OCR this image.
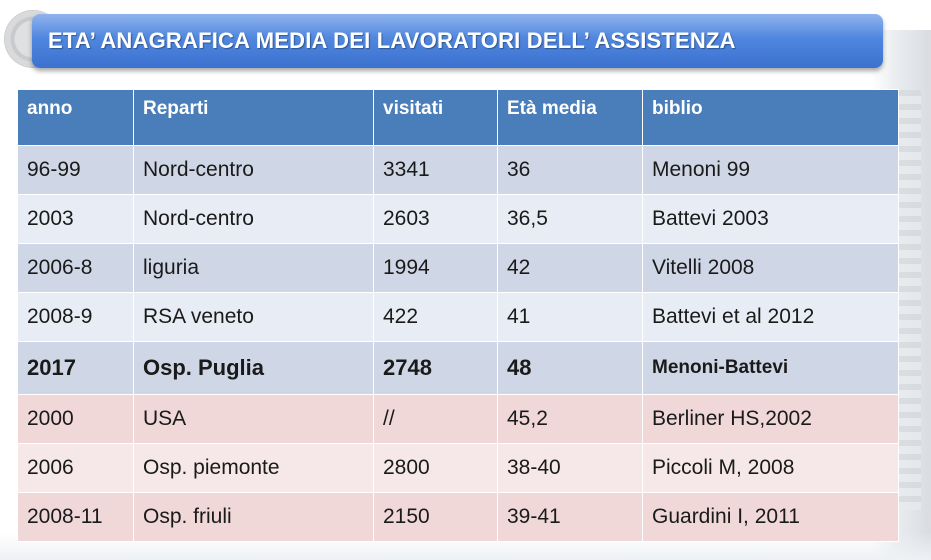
ETA’ ANAGRAFICA MEDIA DEI LAVORATORI DELL’ ASSISTENZA
anno	Reparti	visitati	Età media	biblio
96-99	Nord-centro	3341	36	Menoni 99
2003	Nord-centro	2603	36,5	Battevi 2003
2006-8	liguria	1994	42	Vitelli 2008
2008-9	RSA veneto	422	41	Battevi et al 2012
2017	Osp. Puglia	2748	48	Menoni-Battevi
2000	USA	//	45,2	Berliner HS,2002
2006	Osp. piemonte	2800	38-40	Piccoli M, 2008
2008-11	Osp. friuli	2150	39-41	Guardini I, 2011
